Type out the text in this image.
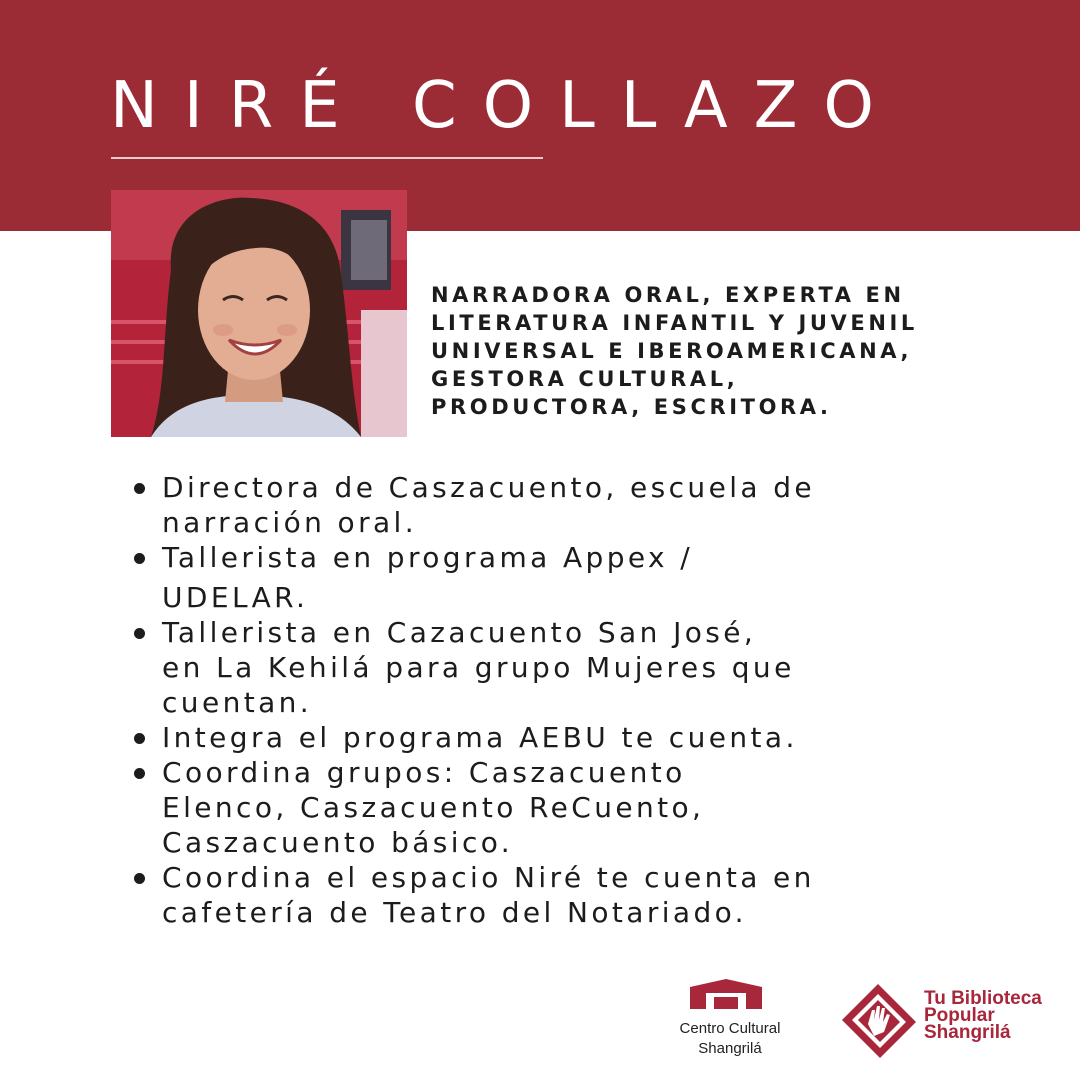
NIRÉ COLLAZO
NARRADORA ORAL, EXPERTA EN
LITERATURA INFANTIL Y JUVENIL
UNIVERSAL E IBEROAMERICANA,
GESTORA CULTURAL,
PRODUCTORA, ESCRITORA.
Directora de Caszacuento, escuela de
narración oral.
Tallerista en programa Appex /
UDELAR.
Tallerista en Cazacuento San José,
en La Kehilá para grupo Mujeres que
cuentan.
Integra el programa AEBU te cuenta.
Coordina grupos: Caszacuento
Elenco, Caszacuento ReCuento,
Caszacuento básico.
Coordina el espacio Niré te cuenta en
cafetería de Teatro del Notariado.
Centro Cultural
Shangrilá
Tu Biblioteca
Popular
Shangrilá
